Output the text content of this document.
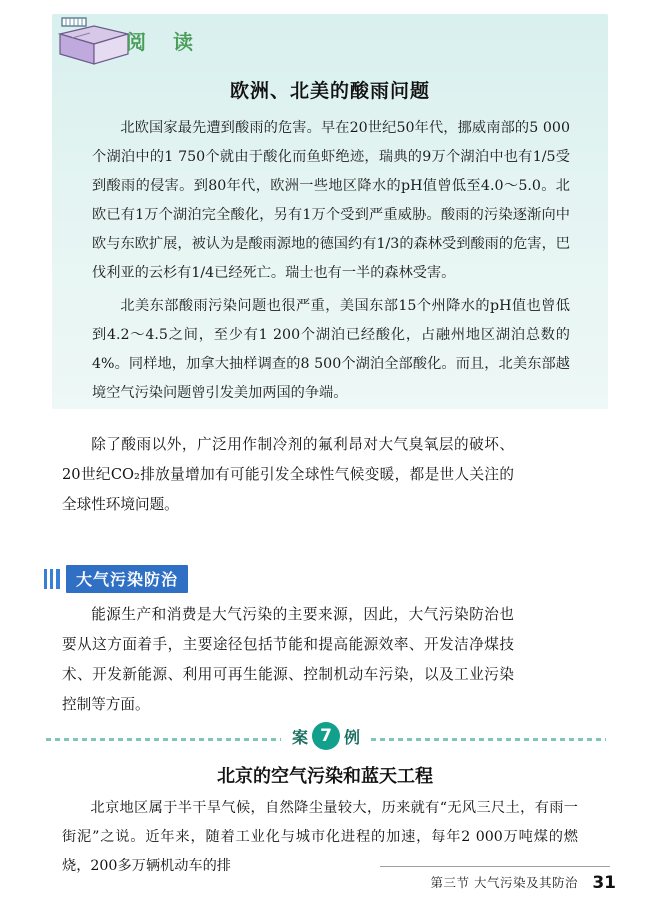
阅 读
欧洲、北美的酸雨问题

北欧国家最先遭到酸雨的危害。早在20世纪50年代，挪威南部的5 000个湖泊中的1 750个就由于酸化而鱼虾绝迹，瑞典的9万个湖泊中也有1/5受到酸雨的侵害。到80年代，欧洲一些地区降水的pH值曾低至4.0～5.0。北欧已有1万个湖泊完全酸化，另有1万个受到严重威胁。酸雨的污染逐渐向中欧与东欧扩展，被认为是酸雨源地的德国约有1/3的森林受到酸雨的危害，巴伐利亚的云杉有1/4已经死亡。瑞士也有一半的森林受害。

北美东部酸雨污染问题也很严重，美国东部15个州降水的pH值也曾低到4.2～4.5之间，至少有1 200个湖泊已经酸化，占融州地区湖泊总数的4%。同样地，加拿大抽样调查的8 500个湖泊全部酸化。而且，北美东部越境空气污染问题曾引发美加两国的争端。

除了酸雨以外，广泛用作制冷剂的氟利昂对大气臭氧层的破坏、20世纪CO₂排放量增加有可能引发全球性气候变暖，都是世人关注的全球性环境问题。

大气污染防治

能源生产和消费是大气污染的主要来源，因此，大气污染防治也要从这方面着手，主要途径包括节能和提高能源效率、开发洁净煤技术、开发新能源、利用可再生能源、控制机动车污染，以及工业污染控制等方面。

案 7 例
北京的空气污染和蓝天工程

北京地区属于半干旱气候，自然降尘量较大，历来就有“无风三尺土，有雨一街泥”之说。近年来，随着工业化与城市化进程的加速，每年2 000万吨煤的燃烧，200多万辆机动车的排

第三节 大气污染及其防治 31
